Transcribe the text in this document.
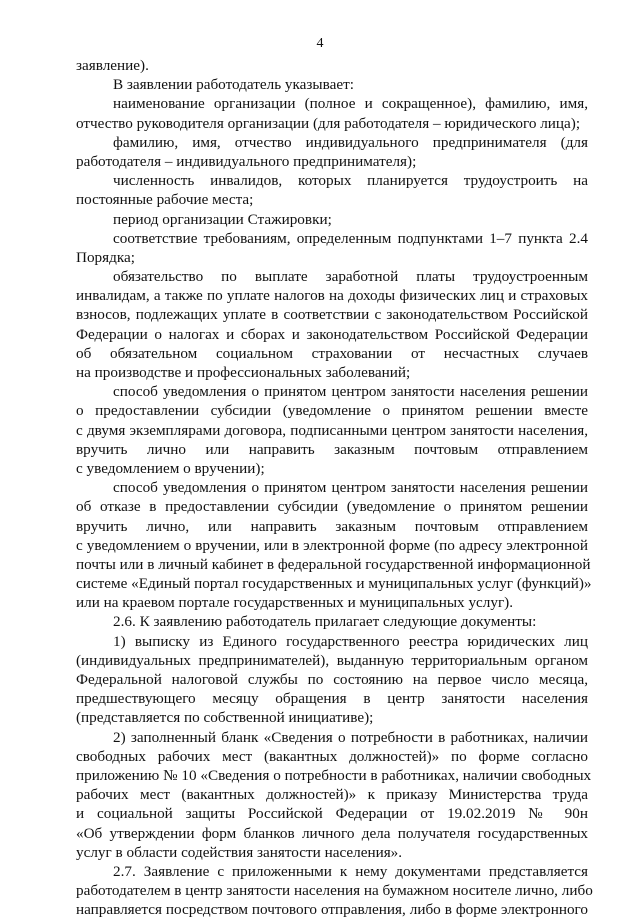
4
заявление).
В заявлении работодатель указывает:
наименование организации (полное и сокращенное), фамилию, имя,
отчество руководителя организации (для работодателя – юридического лица);
фамилию, имя, отчество индивидуального предпринимателя (для
работодателя – индивидуального предпринимателя);
численность инвалидов, которых планируется трудоустроить на
постоянные рабочие места;
период организации Стажировки;
соответствие требованиям, определенным подпунктами 1–7 пункта 2.4
Порядка;
обязательство по выплате заработной платы трудоустроенным
инвалидам, а также по уплате налогов на доходы физических лиц и страховых
взносов, подлежащих уплате в соответствии с законодательством Российской
Федерации о налогах и сборах и законодательством Российской Федерации
об обязательном социальном страховании от несчастных случаев
на производстве и профессиональных заболеваний;
способ уведомления о принятом центром занятости населения решении
о предоставлении субсидии (уведомление о принятом решении вместе
с двумя экземплярами договора, подписанными центром занятости населения,
вручить лично или направить заказным почтовым отправлением
с уведомлением о вручении);
способ уведомления о принятом центром занятости населения решении
об отказе в предоставлении субсидии (уведомление о принятом решении
вручить лично, или направить заказным почтовым отправлением
с уведомлением о вручении, или в электронной форме (по адресу электронной
почты или в личный кабинет в федеральной государственной информационной
системе «Единый портал государственных и муниципальных услуг (функций)»
или на краевом портале государственных и муниципальных услуг).
2.6. К заявлению работодатель прилагает следующие документы:
1) выписку из Единого государственного реестра юридических лиц
(индивидуальных предпринимателей), выданную территориальным органом
Федеральной налоговой службы по состоянию на первое число месяца,
предшествующего месяцу обращения в центр занятости населения
(представляется по собственной инициативе);
2) заполненный бланк «Сведения о потребности в работниках, наличии
свободных рабочих мест (вакантных должностей)» по форме согласно
приложению № 10 «Сведения о потребности в работниках, наличии свободных
рабочих мест (вакантных должностей)» к приказу Министерства труда
и социальной защиты Российской Федерации от 19.02.2019 № 90н
«Об утверждении форм бланков личного дела получателя государственных
услуг в области содействия занятости населения».
2.7. Заявление с приложенными к нему документами представляется
работодателем в центр занятости населения на бумажном носителе лично, либо
направляется посредством почтового отправления, либо в форме электронного
